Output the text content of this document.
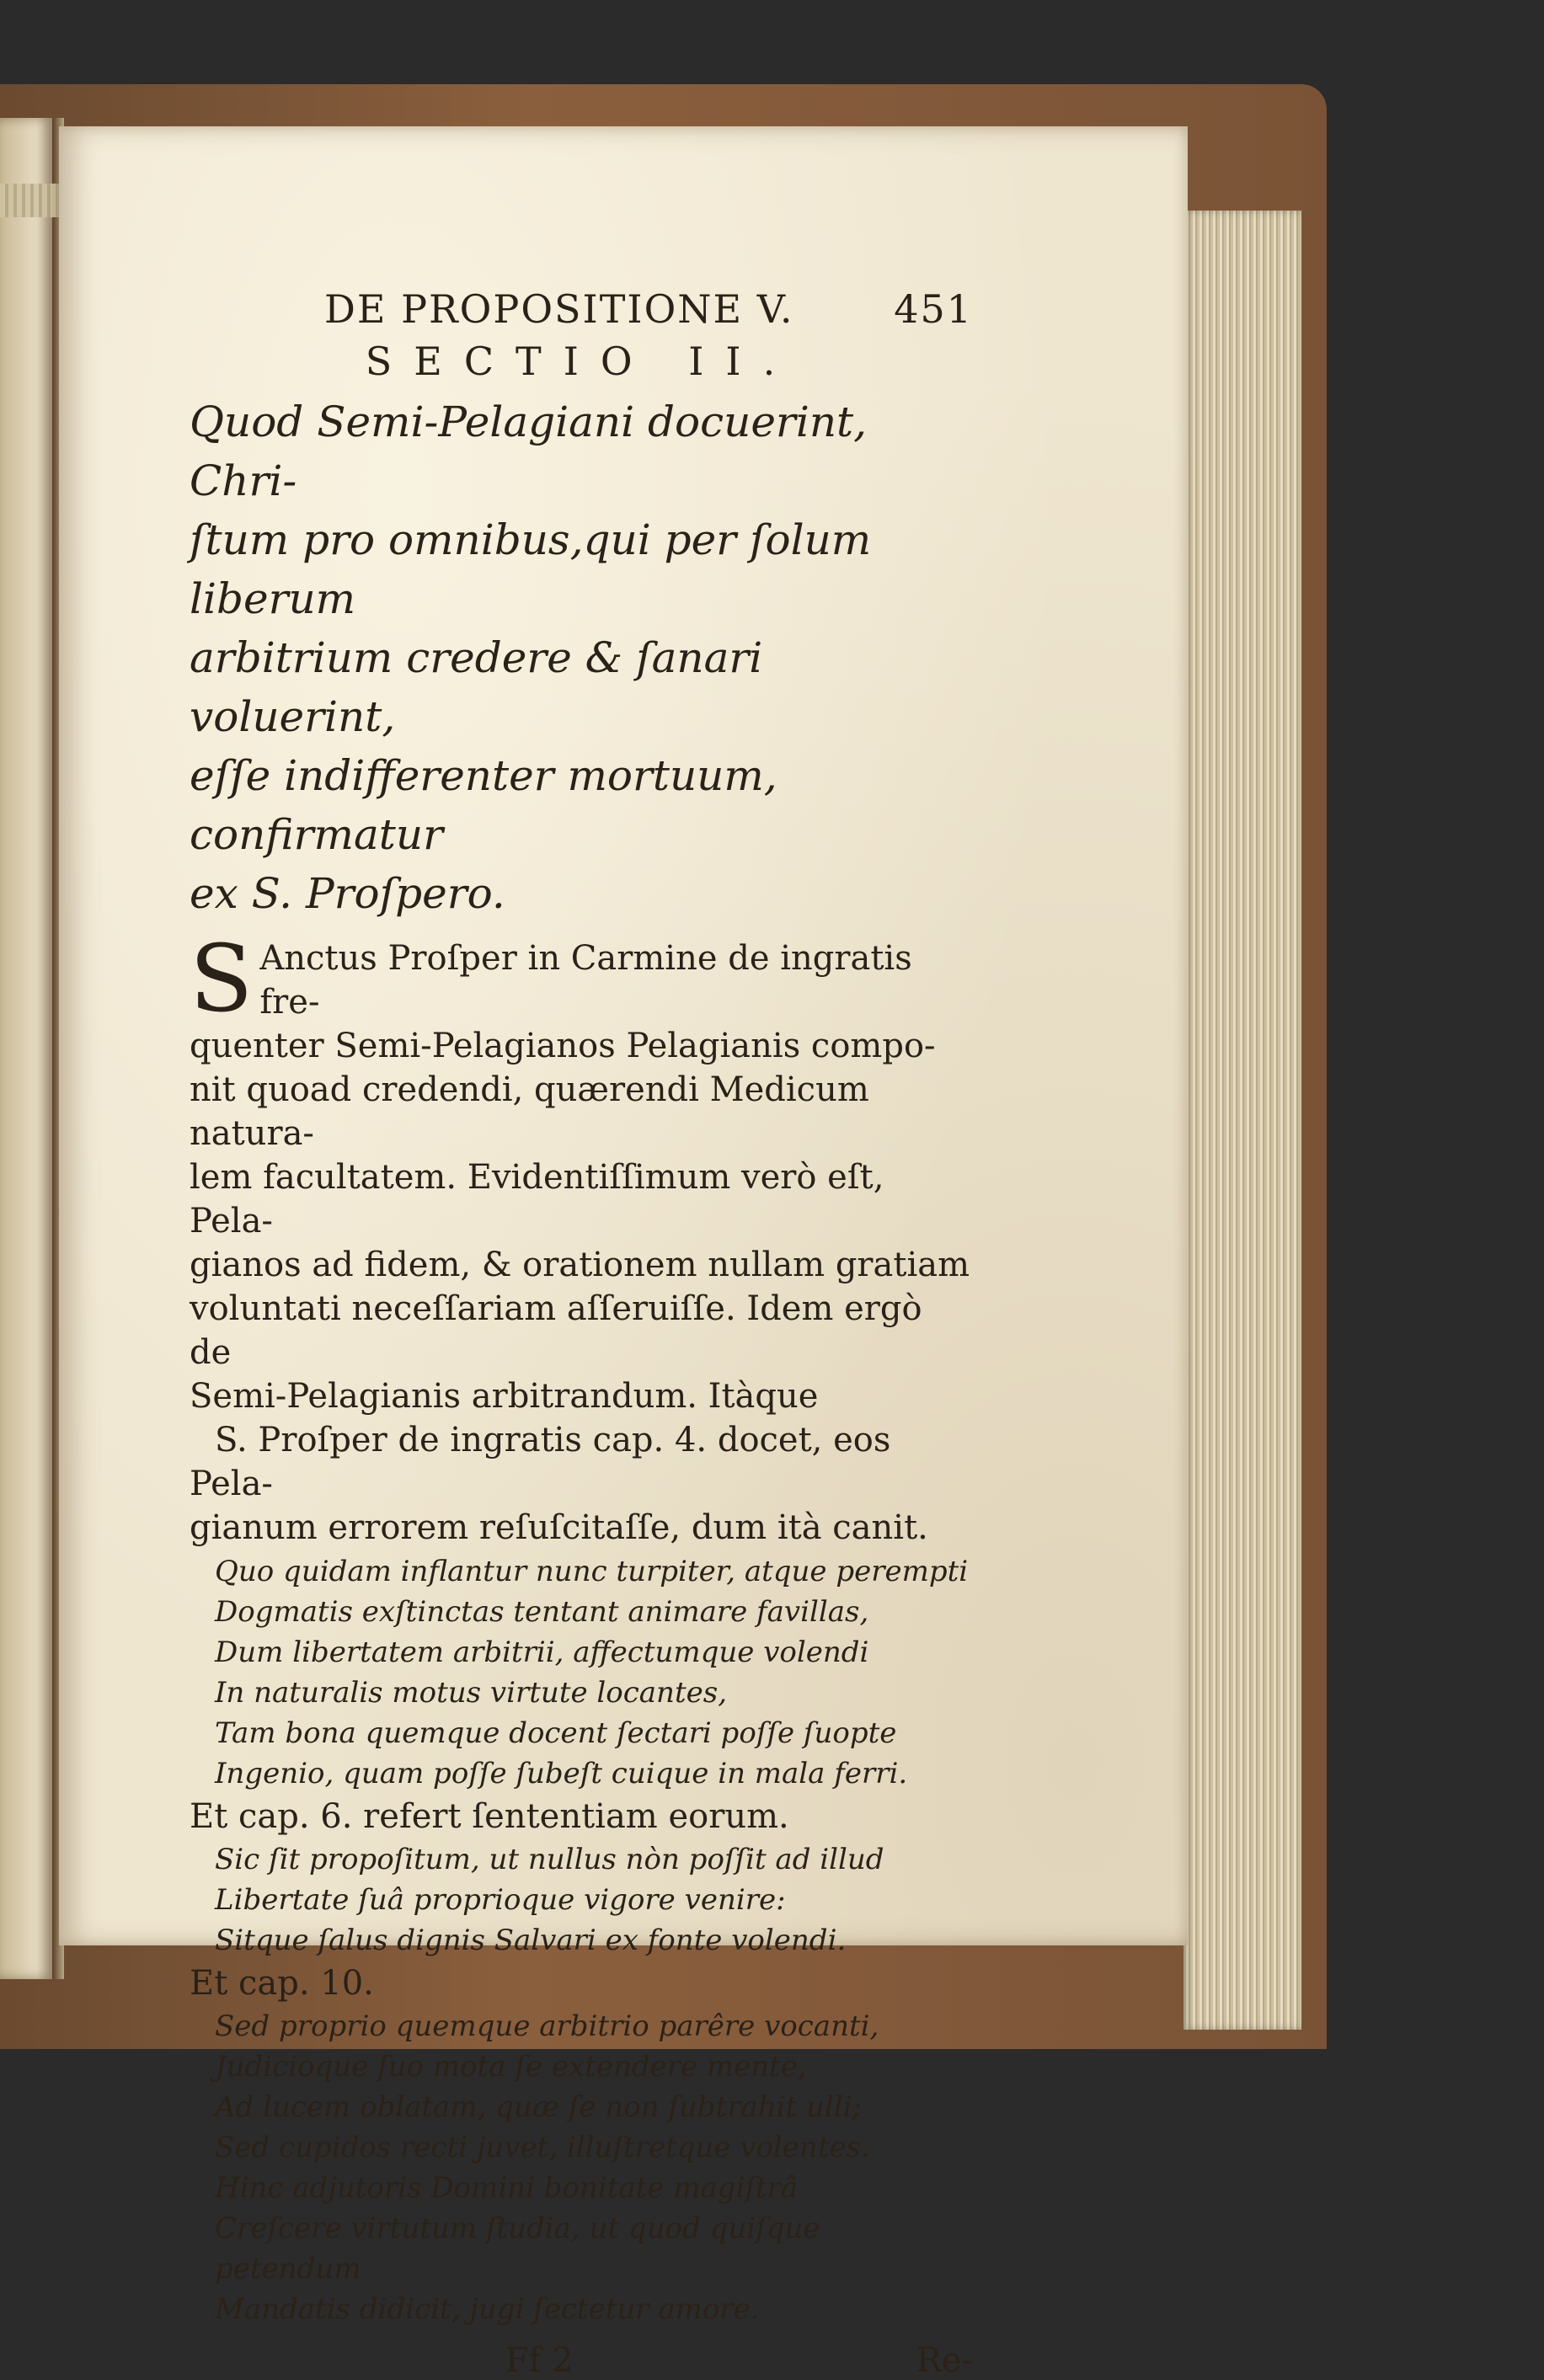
DE PROPOSITIONE V.	451
SECTIO II.

Quod Semi-Pelagiani docuerint, Chri-

ſtum pro omnibus,qui per ſolum liberum

arbitrium credere & ſanari voluerint,

eſſe indifferenter mortuum, confirmatur

ex S. Proſpero.

S Anctus Proſper in Carmine de ingratis fre-

quenter Semi-Pelagianos Pelagianis compo-

nit quoad credendi, quærendi Medicum natura-

lem facultatem. Evidentiſſimum verò eſt, Pela-

gianos ad fidem, & orationem nullam gratiam

voluntati neceſſariam aſſeruiſſe. Idem ergò de

Semi-Pelagianis arbitrandum. Itàque

S. Proſper de ingratis cap. 4. docet, eos Pela-

gianum errorem reſuſcitaſſe, dum ità canit.

Quo quidam inflantur nunc turpiter, atque perempti

Dogmatis exſtinctas tentant animare favillas,

Dum libertatem arbitrii, affectumque volendi

In naturalis motus virtute locantes,

Tam bona quemque docent ſectari poſſe ſuopte

Ingenio, quam poſſe ſubeſt cuique in mala ferri.

Et cap. 6. refert ſententiam eorum.

Sic ſit propoſitum, ut nullus nòn poſſit ad illud

Libertate ſuâ proprioque vigore venire:

Sitque ſalus dignis Salvari ex fonte volendi.

Et cap. 10.

Sed proprio quemque arbitrio parêre vocanti,

Judicioque ſuo mota ſe extendere mente,

Ad lucem oblatam, quæ ſe non ſubtrahit ulli;

Sed cupidos recti juvet, illuſtretque volentes.

Hinc adjutoris Domini bonitate magiſtrâ

Creſcere virtutum ſtudia, ut quod quiſque petendum

Mandatis didicit, jugi ſectetur amore.

Ff 2	Re-
